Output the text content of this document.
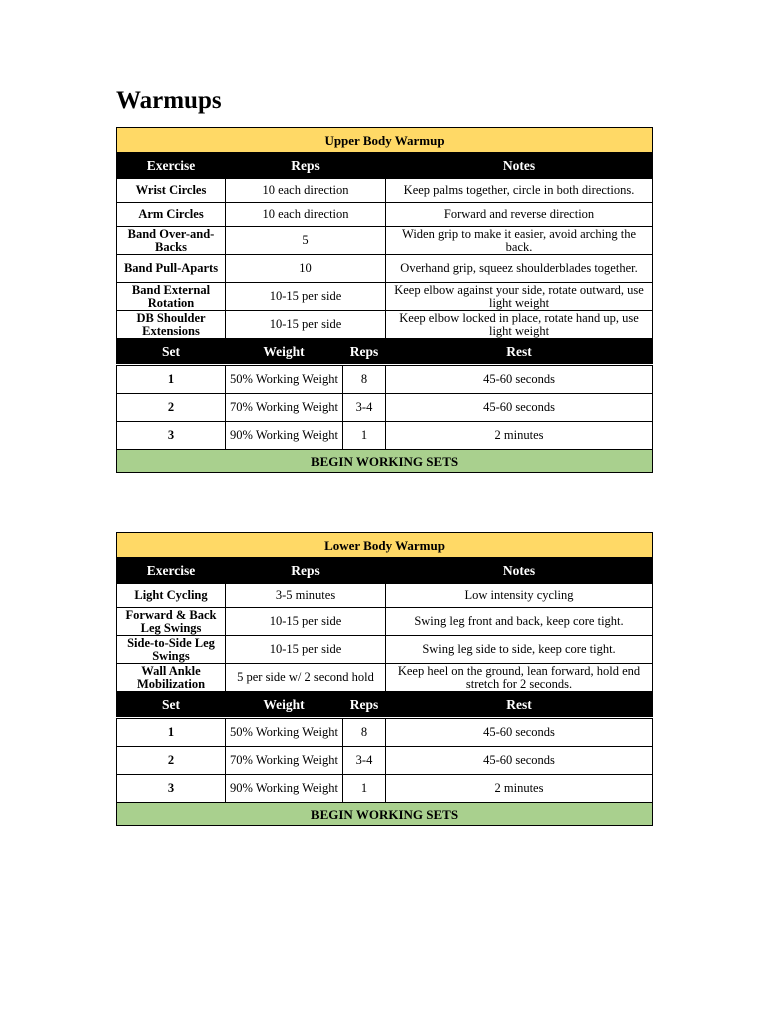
Warmups
Upper Body Warmup			
Exercise	Reps		Notes
Wrist Circles	10 each direction		Keep palms together, circle in both directions.
Arm Circles	10 each direction		Forward and reverse direction
Band Over-and-Backs	5		Widen grip to make it easier, avoid arching the back.
Band Pull-Aparts	10		Overhand grip, squeez shoulderblades together.
Band External Rotation	10-15 per side		Keep elbow against your side, rotate outward, use light weight
DB Shoulder Extensions	10-15 per side		Keep elbow locked in place, rotate hand up, use light weight
Set	Weight	Reps	Rest
1	50% Working Weight	8	45-60 seconds
2	70% Working Weight	3-4	45-60 seconds
3	90% Working Weight	1	2 minutes
BEGIN WORKING SETS			
Lower Body Warmup			
Exercise	Reps		Notes
Light Cycling	3-5 minutes		Low intensity cycling
Forward & Back Leg Swings	10-15 per side		Swing leg front and back, keep core tight.
Side-to-Side Leg Swings	10-15 per side		Swing leg side to side, keep core tight.
Wall Ankle Mobilization	5 per side w/ 2 second hold		Keep heel on the ground, lean forward, hold end stretch for 2 seconds.
Set	Weight	Reps	Rest
1	50% Working Weight	8	45-60 seconds
2	70% Working Weight	3-4	45-60 seconds
3	90% Working Weight	1	2 minutes
BEGIN WORKING SETS			
